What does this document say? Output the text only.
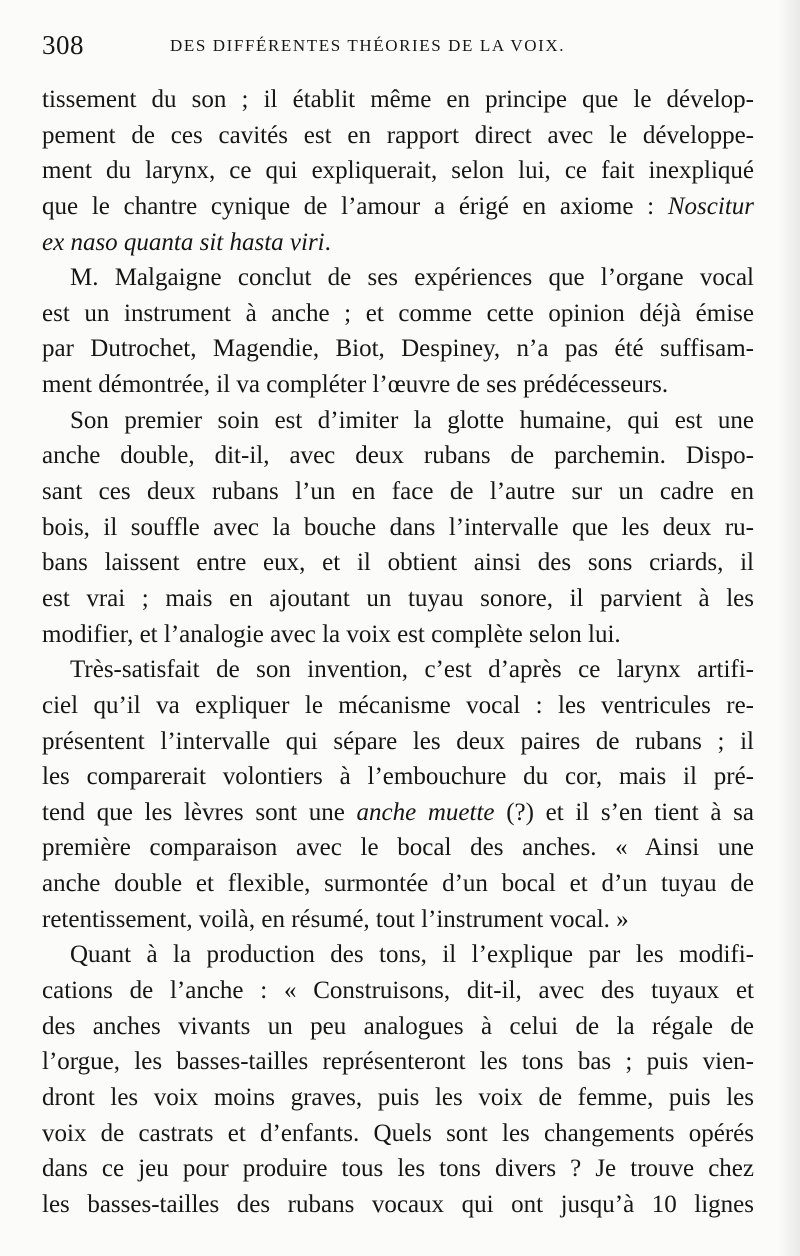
308	DES DIFFÉRENTES THÉORIES DE LA VOIX.
tissement du son ; il établit même en principe que le dévelop-
pement de ces cavités est en rapport direct avec le développe-
ment du larynx, ce qui expliquerait, selon lui, ce fait inexpliqué
que le chantre cynique de l’amour a érigé en axiome : Noscitur
ex naso quanta sit hasta viri.
M. Malgaigne conclut de ses expériences que l’organe vocal
est un instrument à anche ; et comme cette opinion déjà émise
par Dutrochet, Magendie, Biot, Despiney, n’a pas été suffisam-
ment démontrée, il va compléter l’œuvre de ses prédécesseurs.
Son premier soin est d’imiter la glotte humaine, qui est une
anche double, dit-il, avec deux rubans de parchemin. Dispo-
sant ces deux rubans l’un en face de l’autre sur un cadre en
bois, il souffle avec la bouche dans l’intervalle que les deux ru-
bans laissent entre eux, et il obtient ainsi des sons criards, il
est vrai ; mais en ajoutant un tuyau sonore, il parvient à les
modifier, et l’analogie avec la voix est complète selon lui.
Très-satisfait de son invention, c’est d’après ce larynx artifi-
ciel qu’il va expliquer le mécanisme vocal : les ventricules re-
présentent l’intervalle qui sépare les deux paires de rubans ; il
les comparerait volontiers à l’embouchure du cor, mais il pré-
tend que les lèvres sont une anche muette (?) et il s’en tient à sa
première comparaison avec le bocal des anches. « Ainsi une
anche double et flexible, surmontée d’un bocal et d’un tuyau de
retentissement, voilà, en résumé, tout l’instrument vocal. »
Quant à la production des tons, il l’explique par les modifi-
cations de l’anche : « Construisons, dit-il, avec des tuyaux et
des anches vivants un peu analogues à celui de la régale de
l’orgue, les basses-tailles représenteront les tons bas ; puis vien-
dront les voix moins graves, puis les voix de femme, puis les
voix de castrats et d’enfants. Quels sont les changements opérés
dans ce jeu pour produire tous les tons divers ? Je trouve chez
les basses-tailles des rubans vocaux qui ont jusqu’à 10 lignes
